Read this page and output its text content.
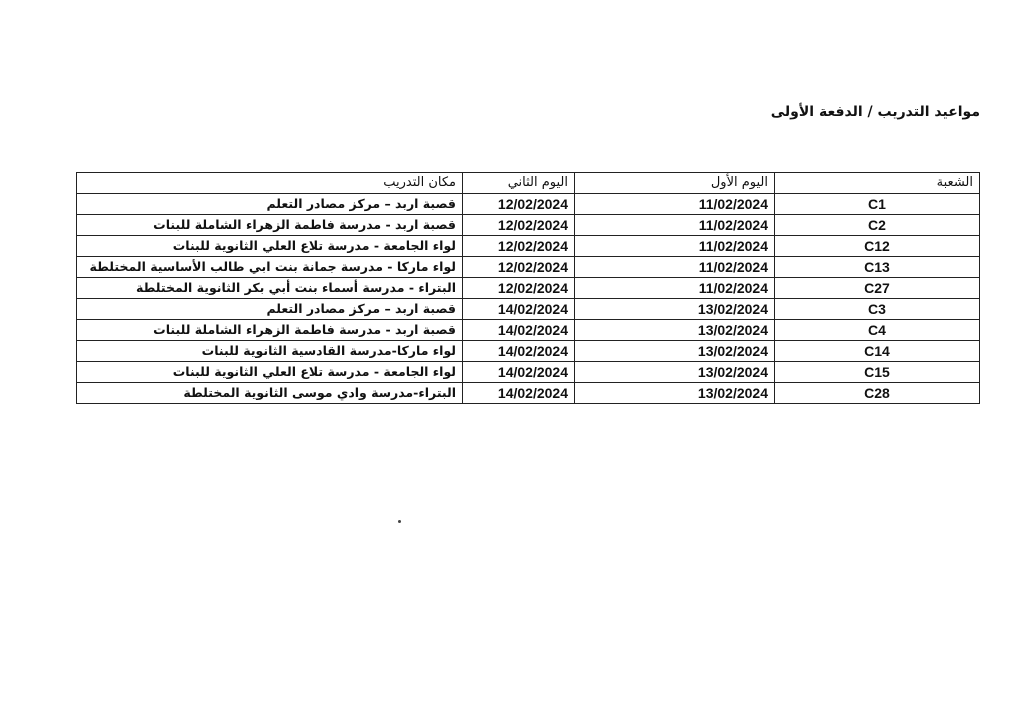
مواعيد التدريب / الدفعة الأولى
الشعبة	اليوم الأول	اليوم الثاني	مكان التدريب
C1	11/02/2024	12/02/2024	قصبة اربد – مركز مصادر التعلم
C2	11/02/2024	12/02/2024	قصبة اربد - مدرسة فاطمة الزهراء الشاملة للبنات
C12	11/02/2024	12/02/2024	لواء الجامعة - مدرسة تلاع العلي الثانوية للبنات
C13	11/02/2024	12/02/2024	لواء ماركا - مدرسة جمانة بنت ابي طالب الأساسية المختلطة
C27	11/02/2024	12/02/2024	البتراء - مدرسة أسماء بنت أبي بكر الثانوية المختلطة
C3	13/02/2024	14/02/2024	قصبة اربد – مركز مصادر التعلم
C4	13/02/2024	14/02/2024	قصبة اربد - مدرسة فاطمة الزهراء الشاملة للبنات
C14	13/02/2024	14/02/2024	لواء ماركا-مدرسة القادسية الثانوية للبنات
C15	13/02/2024	14/02/2024	لواء الجامعة - مدرسة تلاع العلي الثانوية للبنات
C28	13/02/2024	14/02/2024	البتراء-مدرسة وادي موسى الثانوية المختلطة
